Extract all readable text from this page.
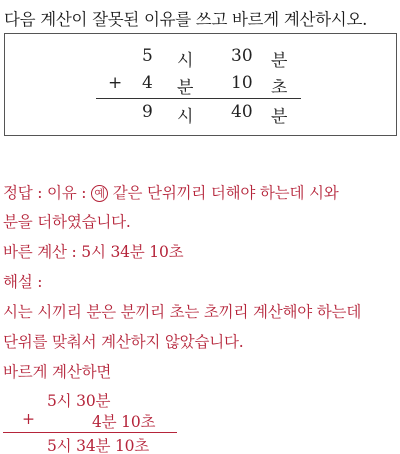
다음 계산이 잘못된 이유를 쓰고 바르게 계산하시오.
5 시 30 분
+ 4 분 10 초
9 시 40 분
정답 : 이유 : 예 같은 단위끼리 더해야 하는데 시와
분을 더하였습니다.
바른 계산 : 5시 34분 10초
해설 :
시는 시끼리 분은 분끼리 초는 초끼리 계산해야 하는데
단위를 맞춰서 계산하지 않았습니다.
바르게 계산하면
5시 30분
+	4분 10초
5시 34분 10초
